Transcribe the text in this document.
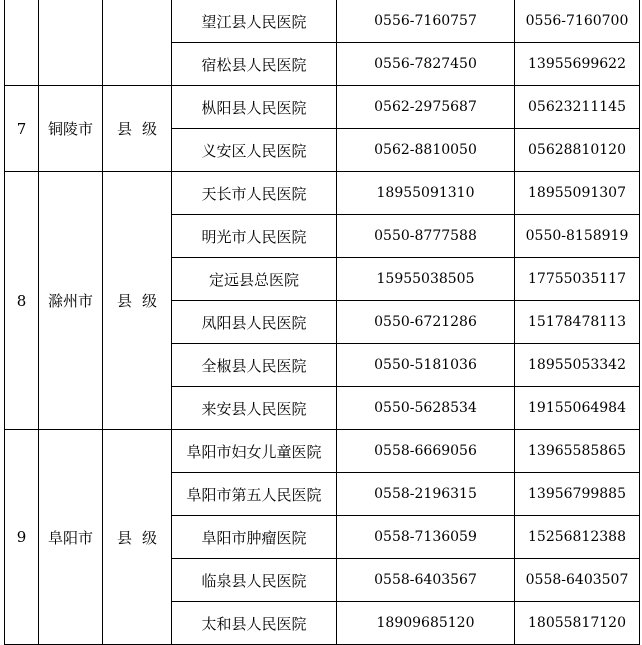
			望江县人民医院	0556-7160757	0556-7160700
			宿松县人民医院	0556-7827450	13955699622
7	铜陵市	县级	枞阳县人民医院	0562-2975687	05623211145
			义安区人民医院	0562-8810050	05628810120
8	滁州市	县级	天长市人民医院	18955091310	18955091307
			明光市人民医院	0550-8777588	0550-8158919
			定远县总医院	15955038505	17755035117
			凤阳县人民医院	0550-6721286	15178478113
			全椒县人民医院	0550-5181036	18955053342
			来安县人民医院	0550-5628534	19155064984
9	阜阳市	县级	阜阳市妇女儿童医院	0558-6669056	13965585865
			阜阳市第五人民医院	0558-2196315	13956799885
			阜阳市肿瘤医院	0558-7136059	15256812388
			临泉县人民医院	0558-6403567	0558-6403507
			太和县人民医院	18909685120	18055817120
